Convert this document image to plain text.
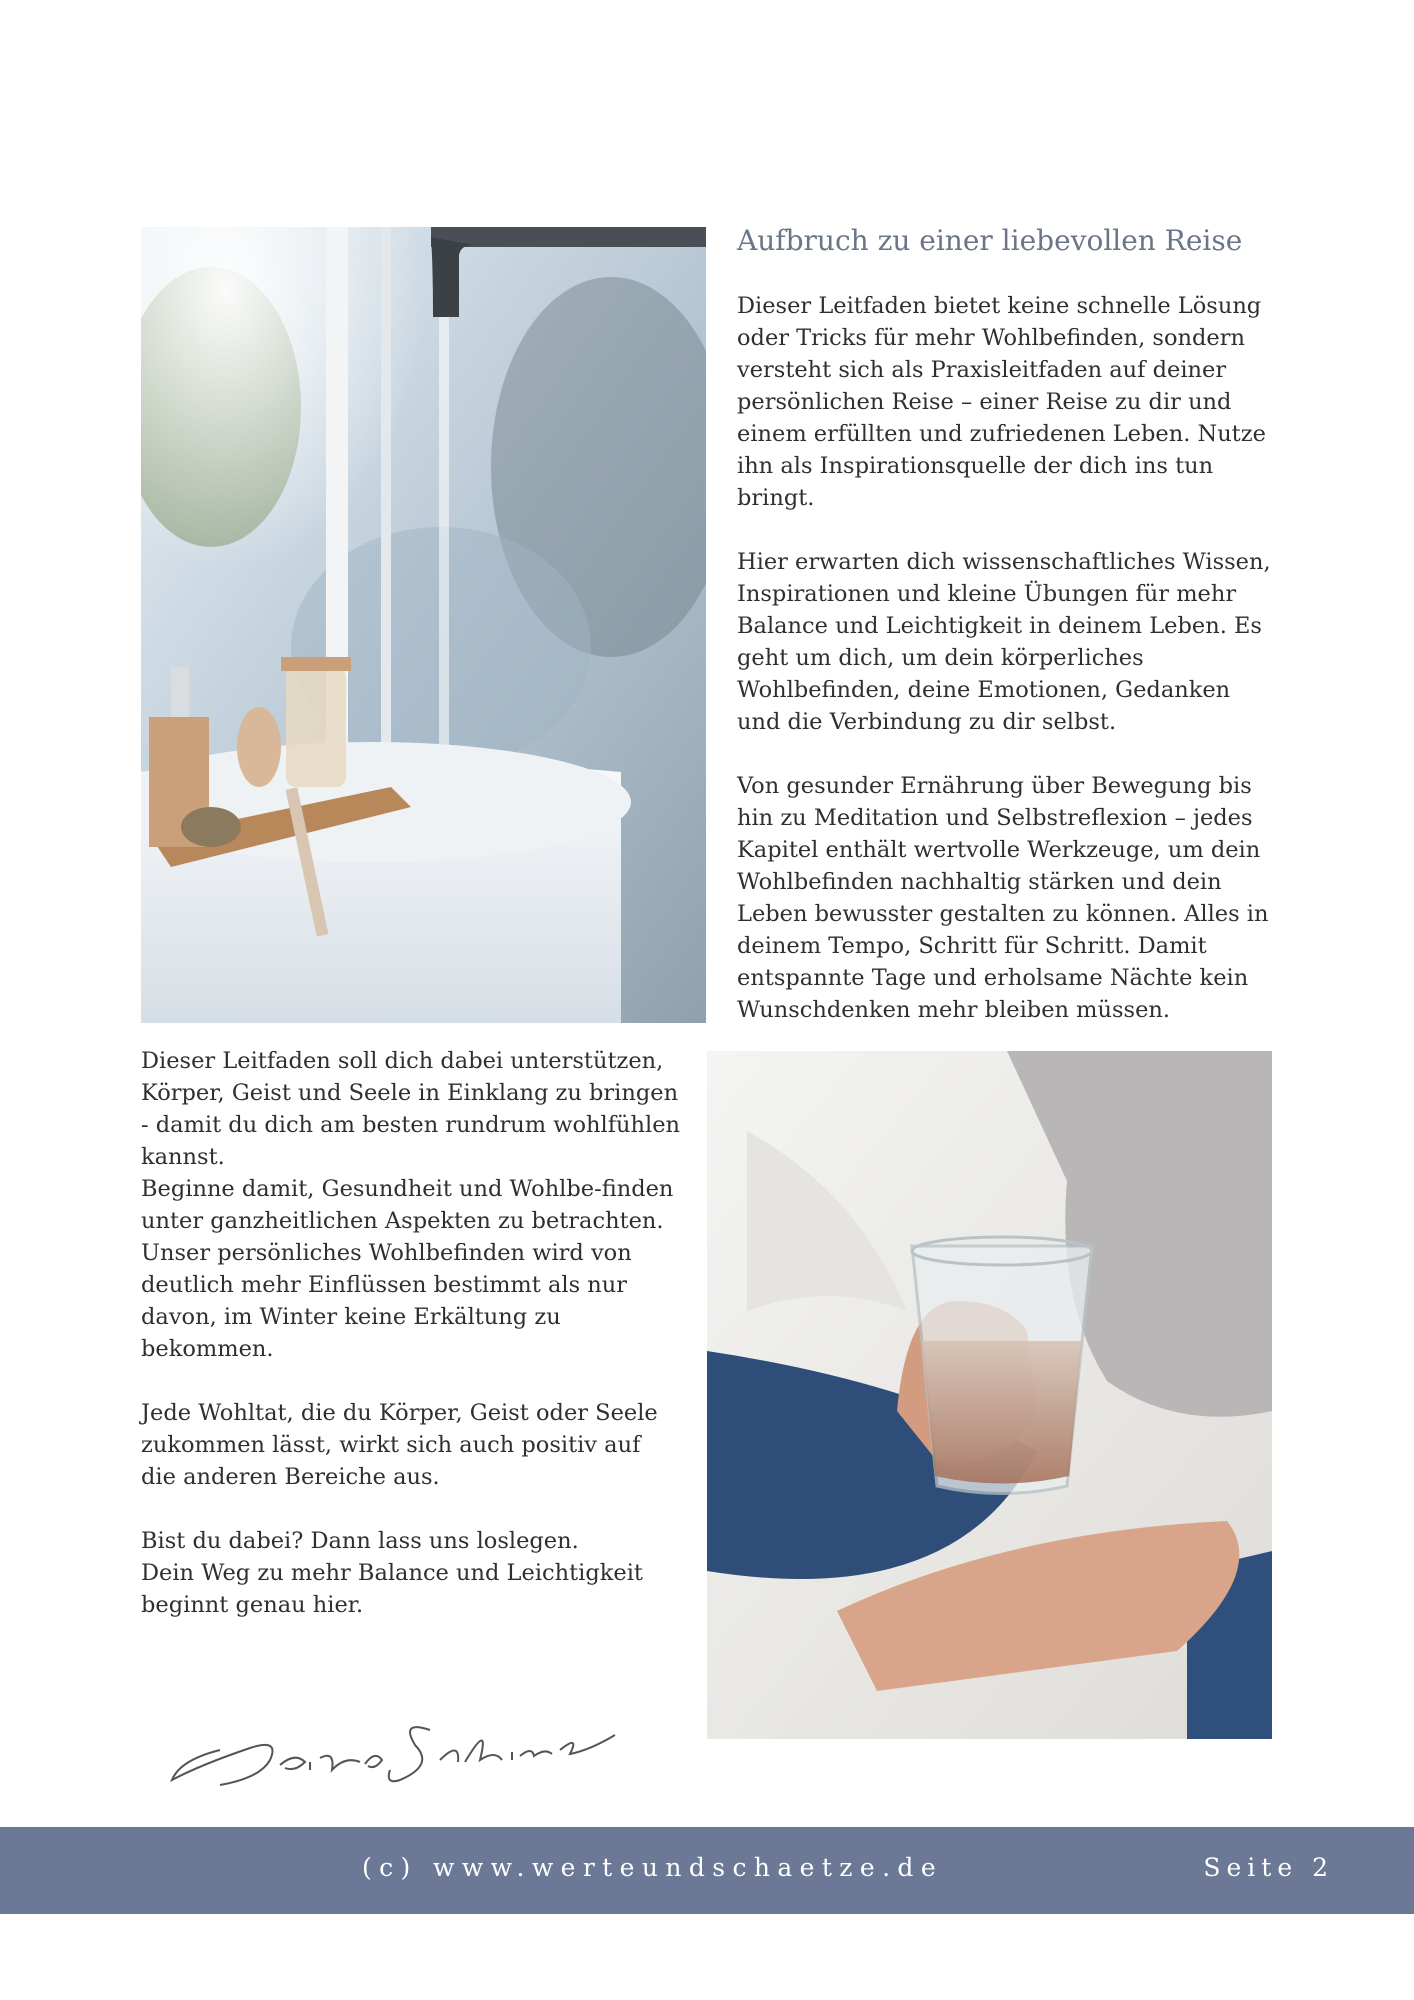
Aufbruch zu einer liebevollen Reise

Dieser Leitfaden bietet keine schnelle Lösung oder Tricks für mehr Wohlbefinden, sondern versteht sich als Praxisleitfaden auf deiner persönlichen Reise – einer Reise zu dir und einem erfüllten und zufriedenen Leben. Nutze ihn als Inspirationsquelle der dich ins tun bringt.

Hier erwarten dich wissenschaftliches Wissen, Inspirationen und kleine Übungen für mehr Balance und Leichtigkeit in deinem Leben. Es geht um dich, um dein körperliches Wohlbefinden, deine Emotionen, Gedanken und die Verbindung zu dir selbst.

Von gesunder Ernährung über Bewegung bis hin zu Meditation und Selbstreflexion – jedes Kapitel enthält wertvolle Werkzeuge, um dein Wohlbefinden nachhaltig stärken und dein Leben bewusster gestalten zu können. Alles in deinem Tempo, Schritt für Schritt. Damit entspannte Tage und erholsame Nächte kein Wunschdenken mehr bleiben müssen.

Dieser Leitfaden soll dich dabei unterstützen, Körper, Geist und Seele in Einklang zu bringen - damit du dich am besten rundrum wohlfühlen kannst.

Beginne damit, Gesundheit und Wohlbe-finden unter ganzheitlichen Aspekten zu betrachten. Unser persönliches Wohlbefinden wird von deutlich mehr Einflüssen bestimmt als nur davon, im Winter keine Erkältung zu bekommen.

Jede Wohltat, die du Körper, Geist oder Seele zukommen lässt, wirkt sich auch positiv auf die anderen Bereiche aus.

Bist du dabei? Dann lass uns loslegen.

Dein Weg zu mehr Balance und Leichtigkeit beginnt genau hier.

(c) www.werteundschaetze.de	Seite 2
